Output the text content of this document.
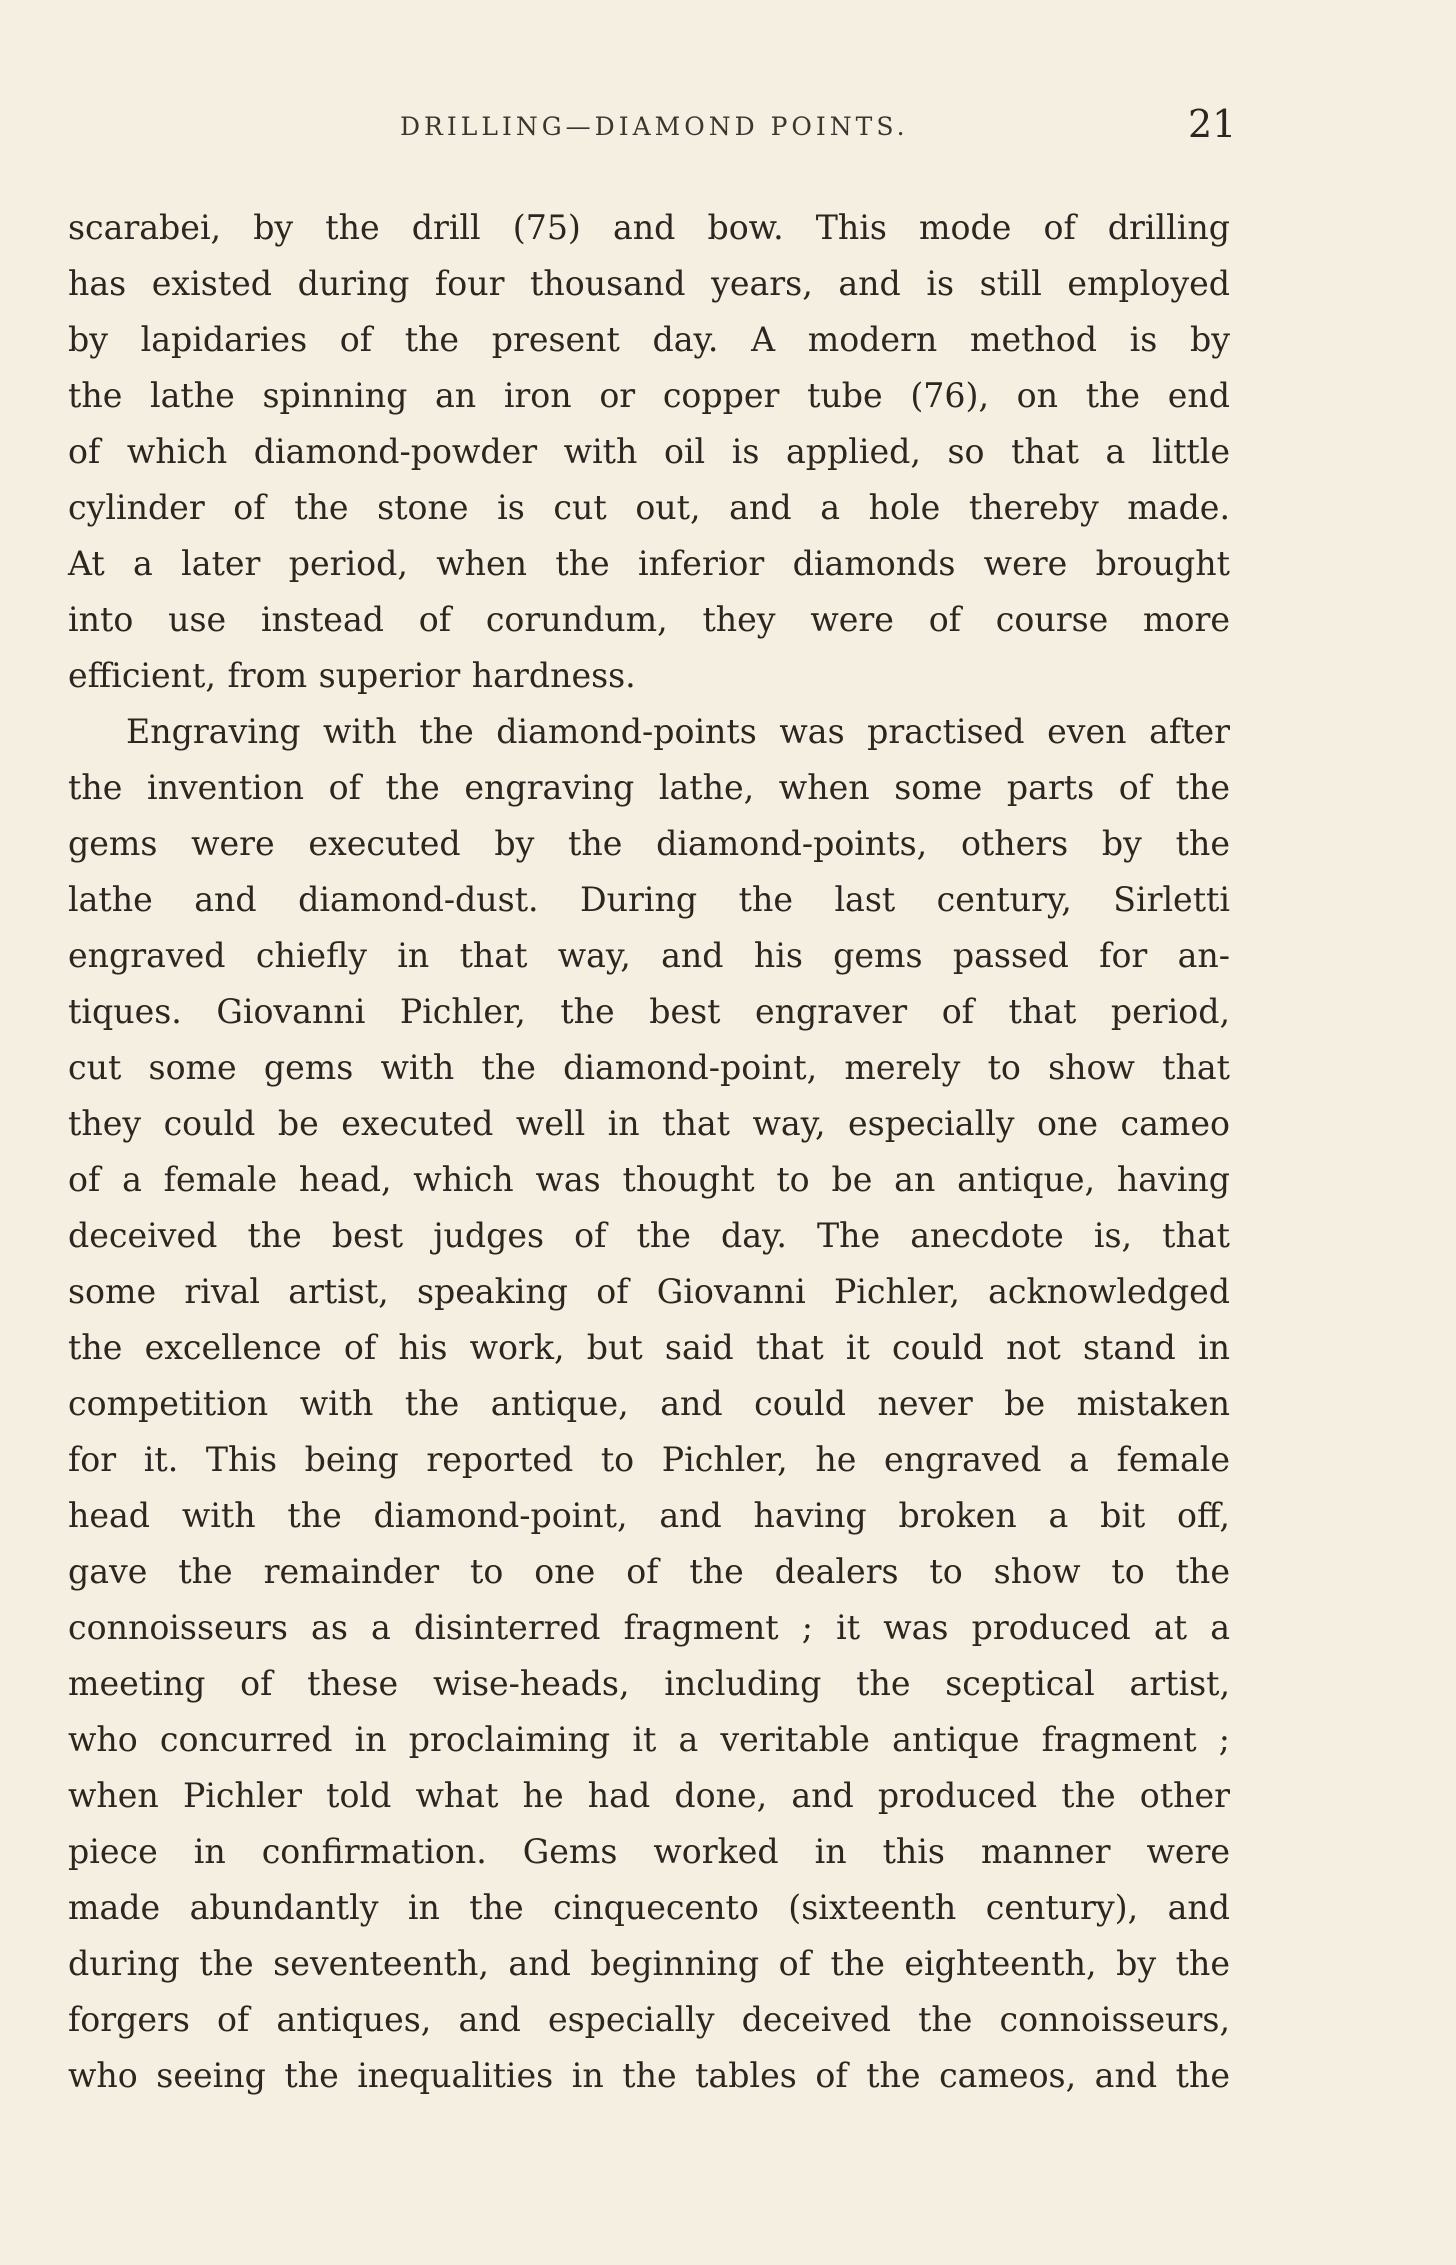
DRILLING—DIAMOND POINTS.	21
scarabei, by the drill (75) and bow. This mode of drilling
has existed during four thousand years, and is still employed
by lapidaries of the present day. A modern method is by
the lathe spinning an iron or copper tube (76), on the end
of which diamond-powder with oil is applied, so that a little
cylinder of the stone is cut out, and a hole thereby made.
At a later period, when the inferior diamonds were brought
into use instead of corundum, they were of course more
efficient, from superior hardness.
Engraving with the diamond-points was practised even after
the invention of the engraving lathe, when some parts of the
gems were executed by the diamond-points, others by the
lathe and diamond-dust. During the last century, Sirletti
engraved chiefly in that way, and his gems passed for an-
tiques. Giovanni Pichler, the best engraver of that period,
cut some gems with the diamond-point, merely to show that
they could be executed well in that way, especially one cameo
of a female head, which was thought to be an antique, having
deceived the best judges of the day. The anecdote is, that
some rival artist, speaking of Giovanni Pichler, acknowledged
the excellence of his work, but said that it could not stand in
competition with the antique, and could never be mistaken
for it. This being reported to Pichler, he engraved a female
head with the diamond-point, and having broken a bit off,
gave the remainder to one of the dealers to show to the
connoisseurs as a disinterred fragment ; it was produced at a
meeting of these wise-heads, including the sceptical artist,
who concurred in proclaiming it a veritable antique fragment ;
when Pichler told what he had done, and produced the other
piece in confirmation. Gems worked in this manner were
made abundantly in the cinquecento (sixteenth century), and
during the seventeenth, and beginning of the eighteenth, by the
forgers of antiques, and especially deceived the connoisseurs,
who seeing the inequalities in the tables of the cameos, and the
